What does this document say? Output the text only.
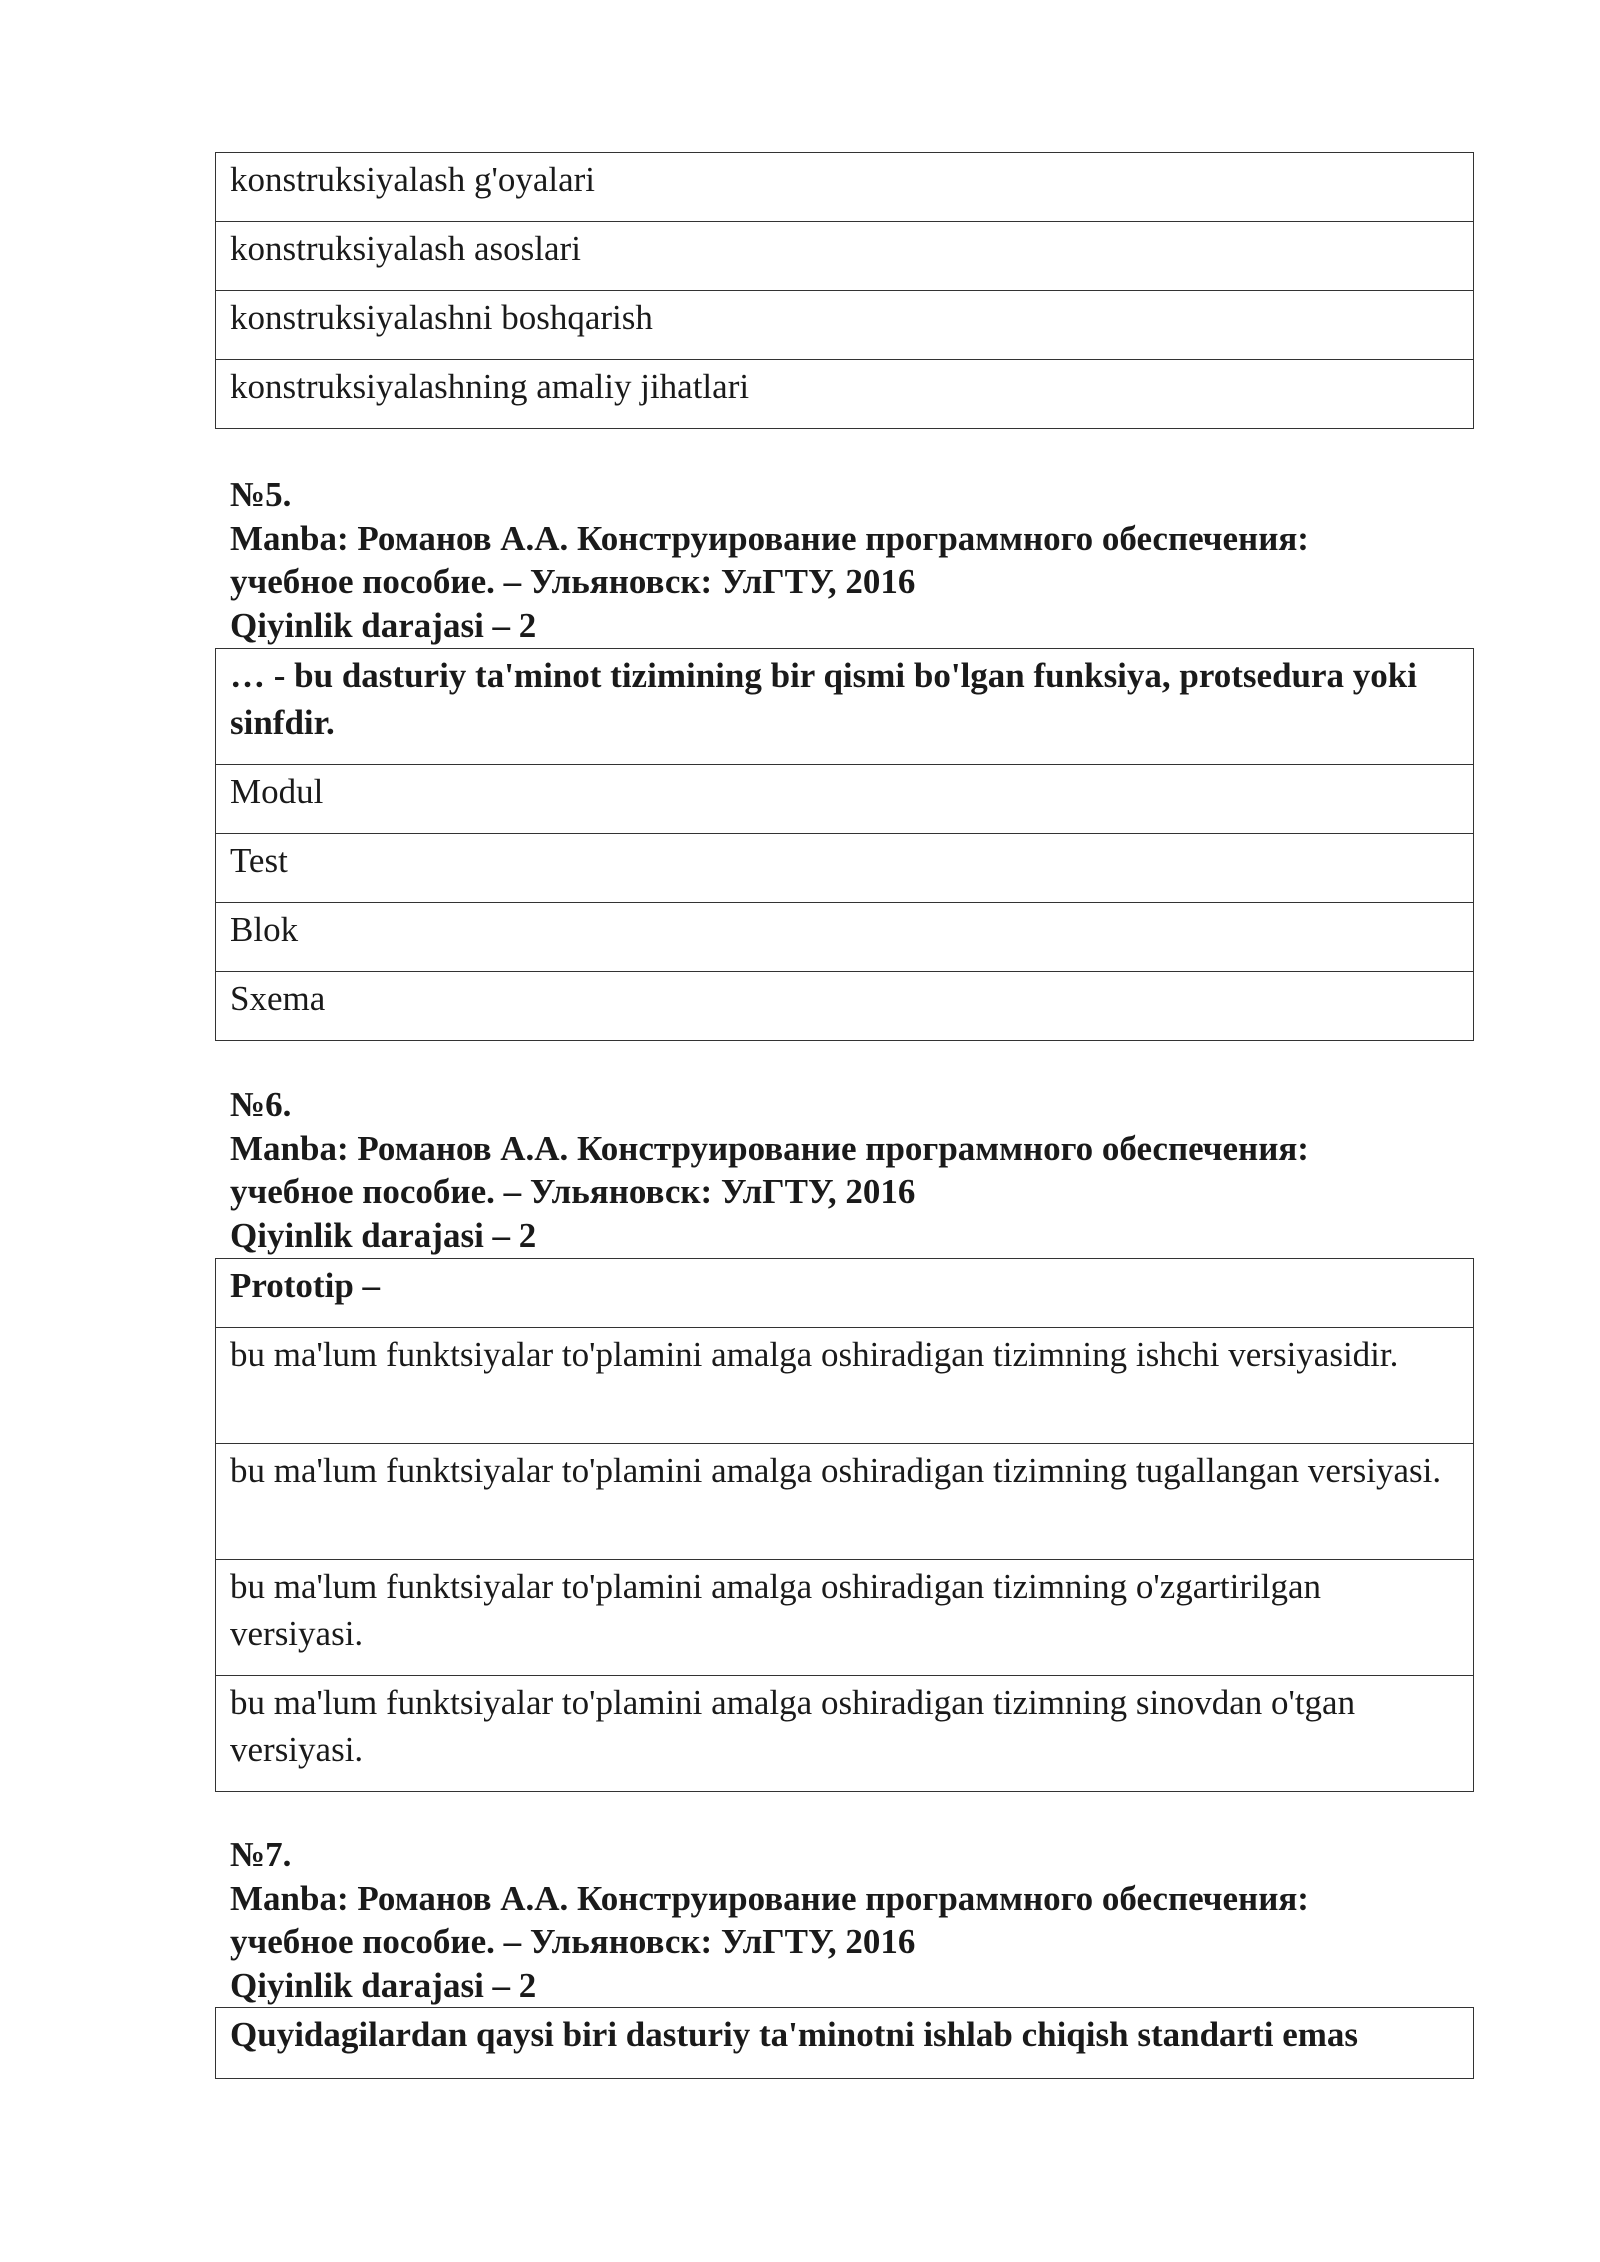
konstruksiyalash g'oyalari
konstruksiyalash asoslari
konstruksiyalashni boshqarish
konstruksiyalashning amaliy jihatlari
№5.
Manba: Романов А.А. Конструирование программного обеспечения:
учебное пособие. – Ульяновск: УлГТУ, 2016
Qiyinlik darajasi – 2
… - bu dasturiy ta'minot tizimining bir qismi bo'lgan funksiya, protsedura yoki sinfdir.
Modul
Test
Blok
Sxema
№6.
Manba: Романов А.А. Конструирование программного обеспечения:
учебное пособие. – Ульяновск: УлГТУ, 2016
Qiyinlik darajasi – 2
Prototip –
bu ma'lum funktsiyalar to'plamini amalga oshiradigan tizimning ishchi versiyasidir.
bu ma'lum funktsiyalar to'plamini amalga oshiradigan tizimning tugallangan versiyasi.
bu ma'lum funktsiyalar to'plamini amalga oshiradigan tizimning o'zgartirilgan versiyasi.
bu ma'lum funktsiyalar to'plamini amalga oshiradigan tizimning sinovdan o'tgan versiyasi.
№7.
Manba: Романов А.А. Конструирование программного обеспечения:
учебное пособие. – Ульяновск: УлГТУ, 2016
Qiyinlik darajasi – 2
Quyidagilardan qaysi biri dasturiy ta'minotni ishlab chiqish standarti emas
